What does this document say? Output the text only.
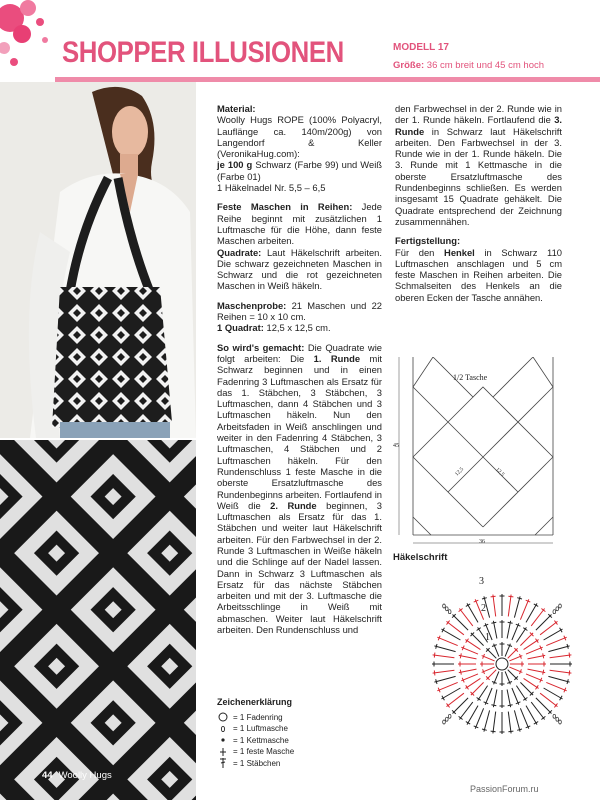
SHOPPER ILLUSIONEN	MODELL 17
Größe: 36 cm breit und 45 cm hoch
44 Woolly Hugs

Material:
Woolly Hugs ROPE (100% Polyacryl, Lauflänge ca. 140m/200g) von Langendorf & Keller (VeronikaHug.com):
je 100 g Schwarz (Farbe 99) und Weiß (Farbe 01)
1 Häkelnadel Nr. 5,5 – 6,5

Feste Maschen in Reihen: Jede Reihe beginnt mit zusätzlichen 1 Luftmasche für die Höhe, dann feste Maschen arbeiten.
Quadrate: Laut Häkelschrift arbeiten. Die schwarz gezeichneten Maschen in Schwarz und die rot gezeichneten Maschen in Weiß häkeln.

Maschenprobe: 21 Maschen und 22 Reihen = 10 x 10 cm.
1 Quadrat: 12,5 x 12,5 cm.

So wird's gemacht: Die Quadrate wie folgt arbeiten: Die 1. Runde mit Schwarz beginnen und in einen Fadenring 3 Luftmaschen als Ersatz für das 1. Stäbchen, 3 Stäbchen, 3 Luftmaschen, dann 4 Stäbchen und 3 Luftmaschen häkeln. Nun den Arbeitsfaden in Weiß anschlingen und weiter in den Fadenring 4 Stäbchen, 3 Luftmaschen, 4 Stäbchen und 2 Luftmaschen häkeln. Für den Rundenschluss 1 feste Masche in die oberste Ersatzluftmasche des Rundenbeginns arbeiten. Fortlaufend in Weiß die 2. Runde beginnen, 3 Luftmaschen als Ersatz für das 1. Stäbchen und weiter laut Häkelschrift arbeiten. Für den Farbwechsel in der 2. Runde 3 Luftmaschen in Weiße häkeln und die Schlinge auf der Nadel lassen. Dann in Schwarz 3 Luftmaschen als Ersatz für das nächste Stäbchen arbeiten und mit der 3. Luftmasche die Arbeitsschlinge in Weiß mit abmaschen. Weiter laut Häkelschrift arbeiten. Den Rundenschluss und

Zeichenerklärung
= 1 Fadenring
= 1 Luftmasche
= 1 Kettmasche
= 1 feste Masche
= 1 Stäbchen

den Farbwechsel in der 2. Runde wie in der 1. Runde häkeln. Fortlaufend die 3. Runde in Schwarz laut Häkelschrift arbeiten. Den Farbwechsel in der 3. Runde wie in der 1. Runde häkeln. Die 3. Runde mit 1 Kettmasche in die oberste Ersatzluftmasche des Rundenbeginns schließen. Es werden insgesamt 15 Quadrate gehäkelt. Die Quadrate entsprechend der Zeichnung zusammennähen.

Fertigstellung:
Für den Henkel in Schwarz 110 Luftmaschen anschlagen und 5 cm feste Maschen in Reihen arbeiten. Die Schmalseiten des Henkels an die oberen Ecken der Tasche annähen.

1/2 Tasche
45
36
12,5	12,5
Häkelschrift
3
2
1
PassionForum.ru
